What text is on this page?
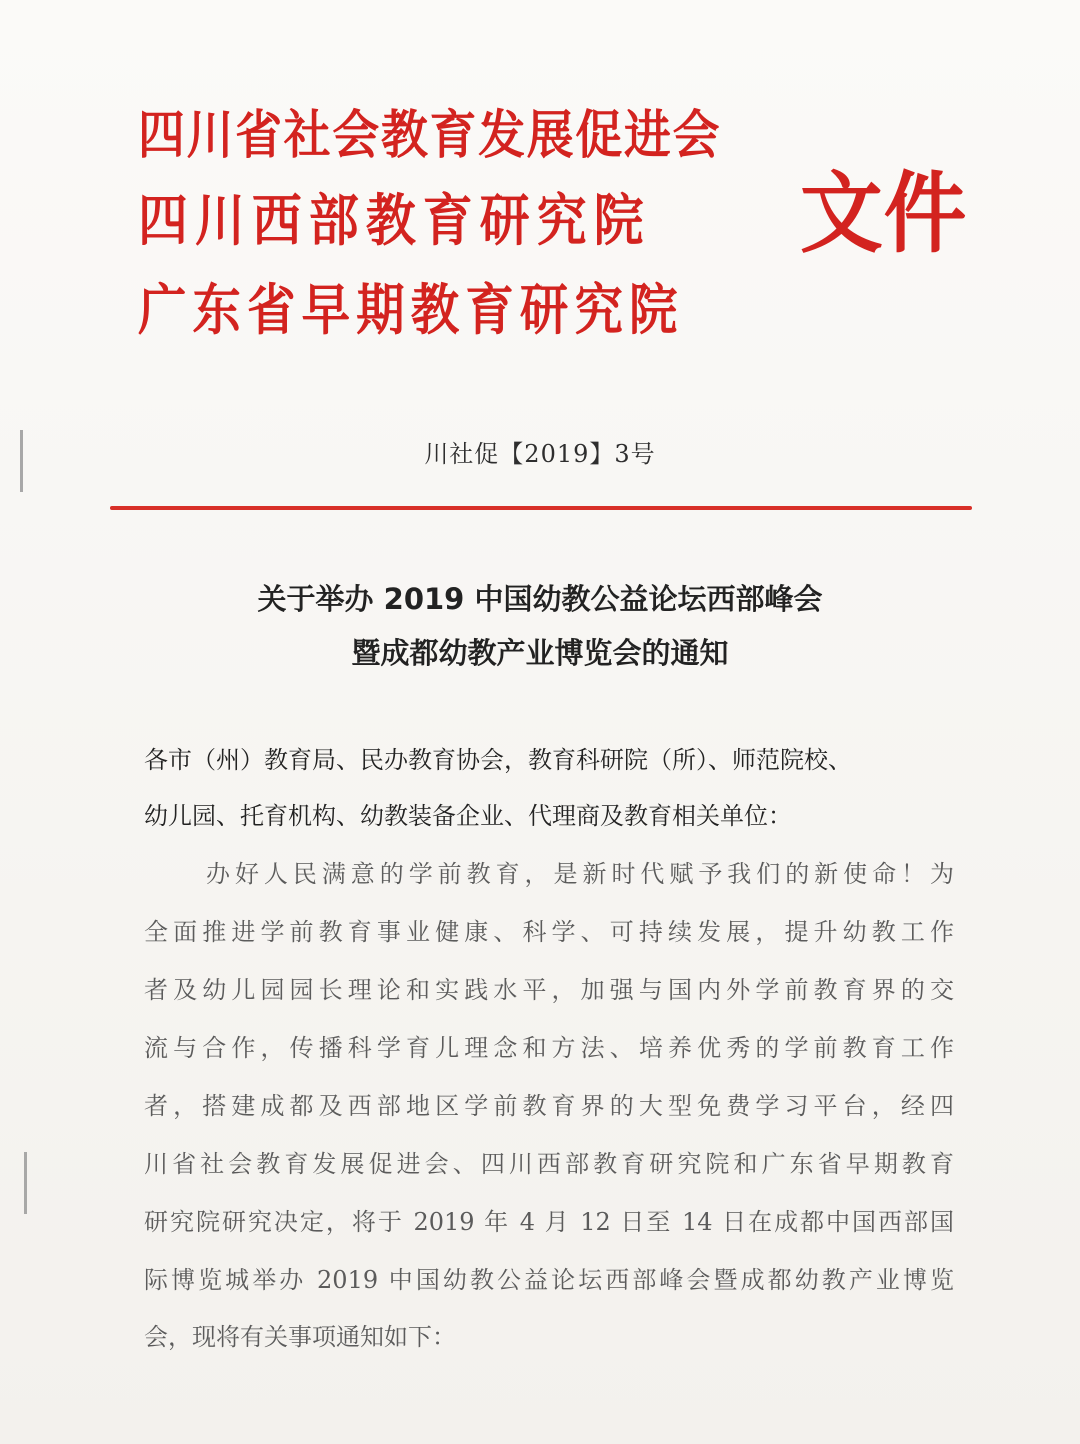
四川省社会教育发展促进会
四川西部教育研究院
广东省早期教育研究院
文件
川社促【2019】3号
关于举办 2019 中国幼教公益论坛西部峰会
暨成都幼教产业博览会的通知
各市（州）教育局、民办教育协会，教育科研院（所）、师范院校、
幼儿园、托育机构、幼教装备企业、代理商及教育相关单位：
办好人民满意的学前教育，是新时代赋予我们的新使命！为
全面推进学前教育事业健康、科学、可持续发展，提升幼教工作
者及幼儿园园长理论和实践水平，加强与国内外学前教育界的交
流与合作，传播科学育儿理念和方法、培养优秀的学前教育工作
者，搭建成都及西部地区学前教育界的大型免费学习平台，经四
川省社会教育发展促进会、四川西部教育研究院和广东省早期教育
研究院研究决定，将于 2019 年 4 月 12 日至 14 日在成都中国西部国
际博览城举办 2019 中国幼教公益论坛西部峰会暨成都幼教产业博览
会，现将有关事项通知如下：
